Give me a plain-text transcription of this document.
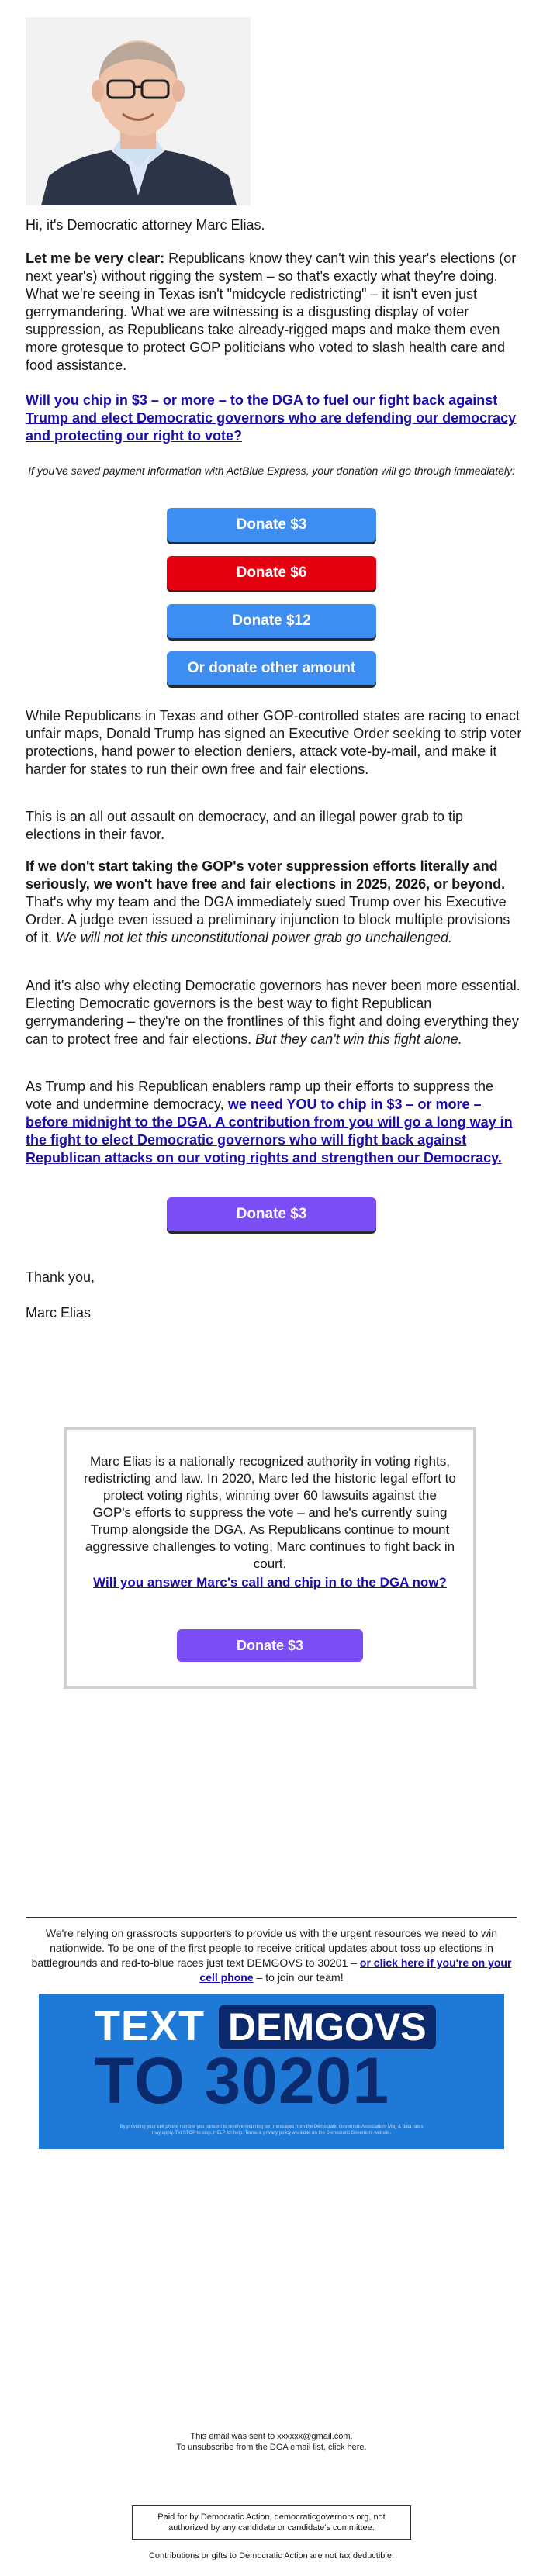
Hi, it's Democratic attorney Marc Elias.

Let me be very clear: Republicans know they can't win this year's elections (or next year's) without rigging the system – so that's exactly what they're doing. What we're seeing in Texas isn't "midcycle redistricting" – it isn't even just gerrymandering. What we are witnessing is a disgusting display of voter suppression, as Republicans take already-rigged maps and make them even more grotesque to protect GOP politicians who voted to slash health care and food assistance.

Will you chip in $3 – or more – to the DGA to fuel our fight back against Trump and elect Democratic governors who are defending our democracy and protecting our right to vote?

If you've saved payment information with ActBlue Express, your donation will go through immediately:

Donate $3
Donate $6
Donate $12
Or donate other amount

While Republicans in Texas and other GOP-controlled states are racing to enact unfair maps, Donald Trump has signed an Executive Order seeking to strip voter protections, hand power to election deniers, attack vote-by-mail, and make it harder for states to run their own free and fair elections.

This is an all out assault on democracy, and an illegal power grab to tip elections in their favor.

If we don't start taking the GOP's voter suppression efforts literally and seriously, we won't have free and fair elections in 2025, 2026, or beyond. That's why my team and the DGA immediately sued Trump over his Executive Order. A judge even issued a preliminary injunction to block multiple provisions of it. We will not let this unconstitutional power grab go unchallenged.

And it's also why electing Democratic governors has never been more essential. Electing Democratic governors is the best way to fight Republican gerrymandering – they're on the frontlines of this fight and doing everything they can to protect free and fair elections. But they can't win this fight alone.

As Trump and his Republican enablers ramp up their efforts to suppress the vote and undermine democracy, we need YOU to chip in $3 – or more – before midnight to the DGA. A contribution from you will go a long way in the fight to elect Democratic governors who will fight back against Republican attacks on our voting rights and strengthen our Democracy.

Donate $3

Thank you,

Marc Elias

Marc Elias is a nationally recognized authority in voting rights, redistricting and law. In 2020, Marc led the historic legal effort to protect voting rights, winning over 60 lawsuits against the GOP's efforts to suppress the vote – and he's currently suing Trump alongside the DGA. As Republicans continue to mount aggressive challenges to voting, Marc continues to fight back in court.

Will you answer Marc's call and chip in to the DGA now?

Donate $3

We're relying on grassroots supporters to provide us with the urgent resources we need to win nationwide. To be one of the first people to receive critical updates about toss-up elections in battlegrounds and red-to-blue races just text DEMGOVS to 30201 – or click here if you're on your cell phone – to join our team!

TEXT DEMGOVS
TO 30201

By providing your cell phone number you consent to receive recurring text messages from the Democratic Governors Association. Msg & data rates may apply. Txt STOP to stop, HELP for help. Terms & privacy policy available on the Democratic Governors website.

This email was sent to xxxxxx@gmail.com.

To unsubscribe from the DGA email list, click here.

Paid for by Democratic Action, democraticgovernors.org, not authorized by any candidate or candidate's committee.

Contributions or gifts to Democratic Action are not tax deductible.
